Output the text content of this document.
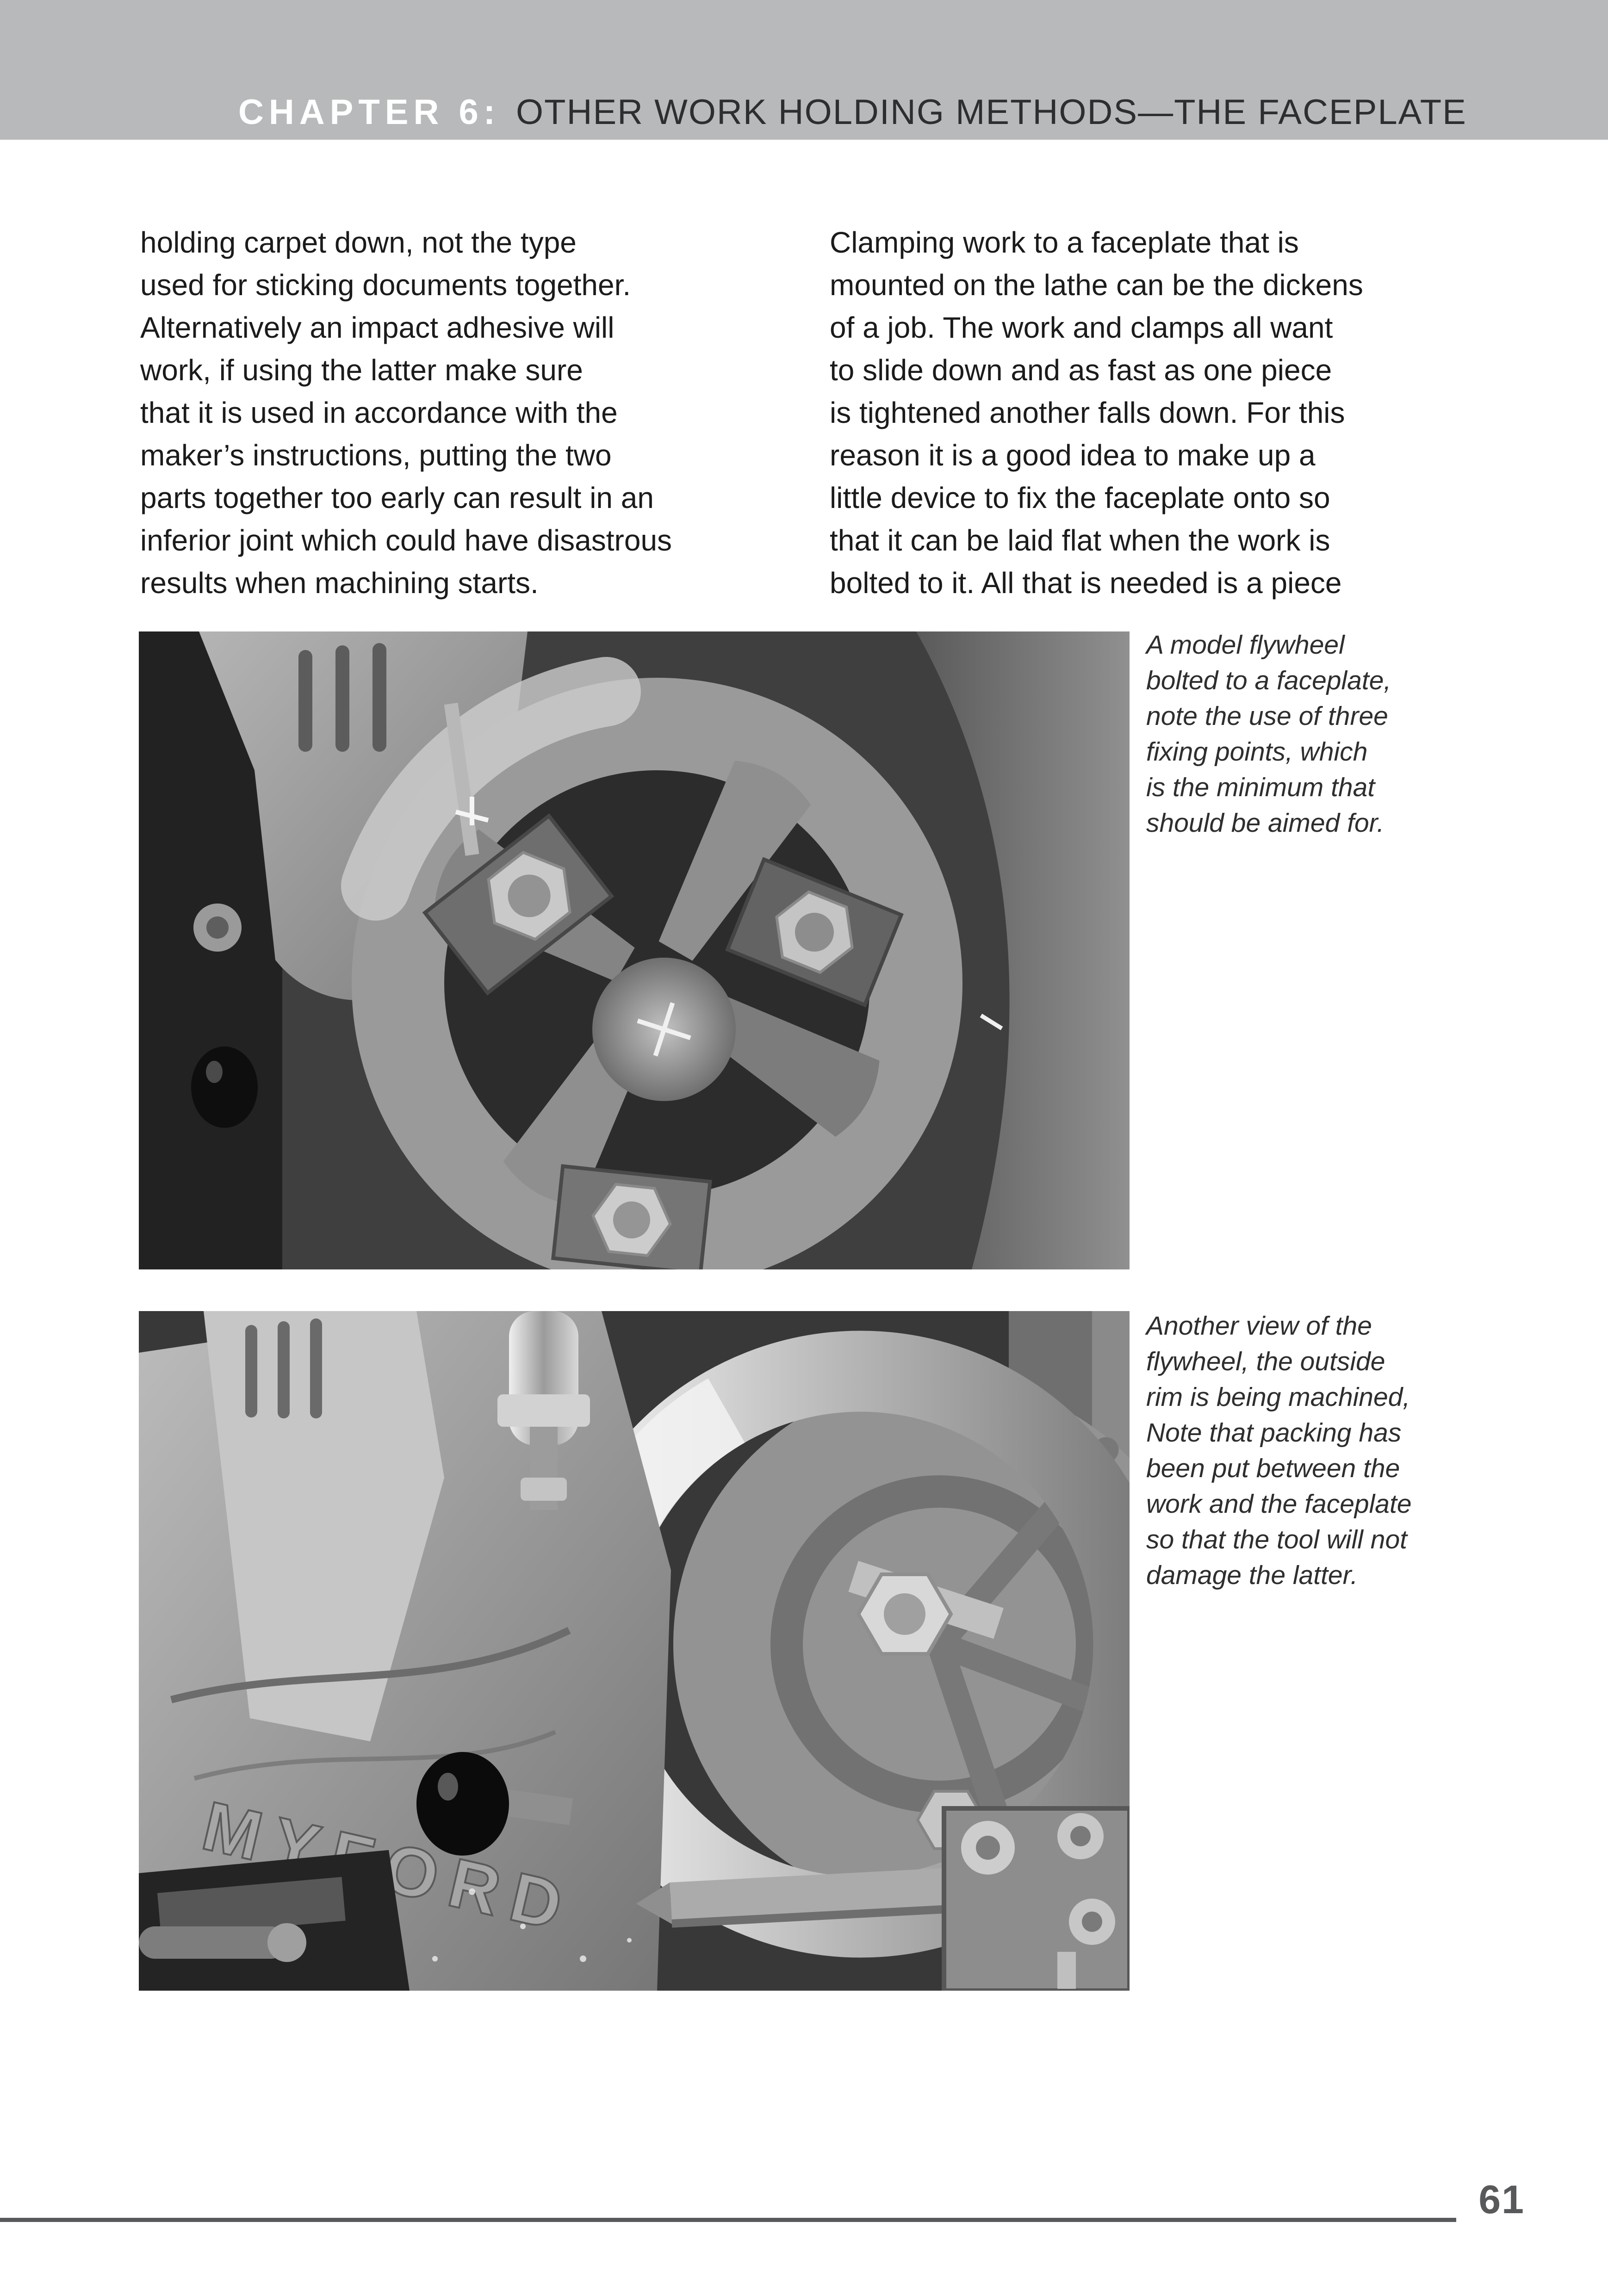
CHAPTER 6: OTHER WORK HOLDING METHODS—THE FACEPLATE
holding carpet down, not the type
used for sticking documents together.
Alternatively an impact adhesive will
work, if using the latter make sure
that it is used in accordance with the
maker’s instructions, putting the two
parts together too early can result in an
inferior joint which could have disastrous
results when machining starts.
Clamping work to a faceplate that is
mounted on the lathe can be the dickens
of a job. The work and clamps all want
to slide down and as fast as one piece
is tightened another falls down. For this
reason it is a good idea to make up a
little device to fix the faceplate onto so
that it can be laid flat when the work is
bolted to it. All that is needed is a piece
A model flywheel
bolted to a faceplate,
note the use of three
fixing points, which
is the minimum that
should be aimed for.
Another view of the
flywheel, the outside
rim is being machined,
Note that packing has
been put between the
work and the faceplate
so that the tool will not
damage the latter.
61
